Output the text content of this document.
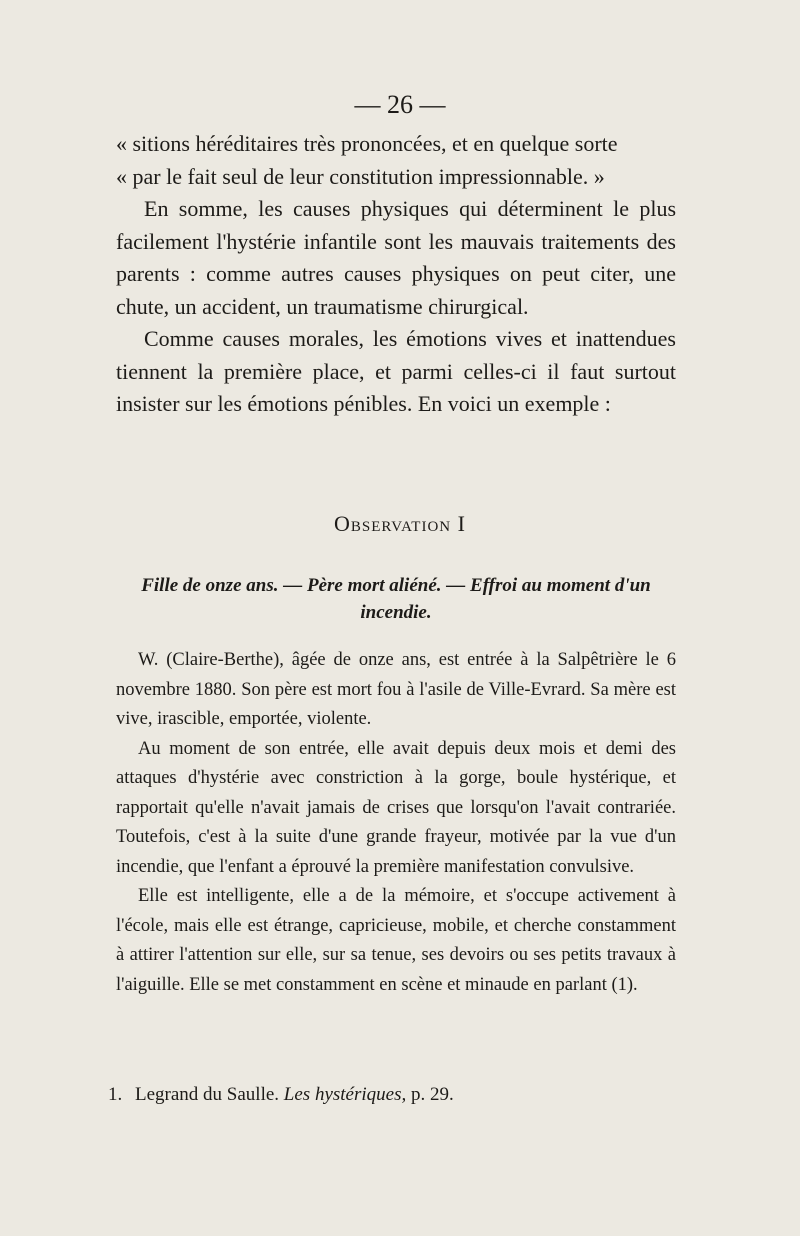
— 26 —

« sitions héréditaires très prononcées, et en quelque sorte

« par le fait seul de leur constitution impressionnable. »

En somme, les causes physiques qui déterminent le plus facilement l'hystérie infantile sont les mauvais traitements des parents : comme autres causes physiques on peut citer, une chute, un accident, un traumatisme chirurgical.

Comme causes morales, les émotions vives et inattendues tiennent la première place, et parmi celles-ci il faut surtout insister sur les émotions pénibles. En voici un exemple :

Observation I
Fille de onze ans. — Père mort aliéné. — Effroi au moment d'un incendie.

W. (Claire-Berthe), âgée de onze ans, est entrée à la Salpêtrière le 6 novembre 1880. Son père est mort fou à l'asile de Ville-Evrard. Sa mère est vive, irascible, emportée, violente.

Au moment de son entrée, elle avait depuis deux mois et demi des attaques d'hystérie avec constriction à la gorge, boule hystérique, et rapportait qu'elle n'avait jamais de crises que lorsqu'on l'avait contrariée. Toutefois, c'est à la suite d'une grande frayeur, motivée par la vue d'un incendie, que l'enfant a éprouvé la première manifestation convulsive.

Elle est intelligente, elle a de la mémoire, et s'occupe activement à l'école, mais elle est étrange, capricieuse, mobile, et cherche constamment à attirer l'attention sur elle, sur sa tenue, ses devoirs ou ses petits travaux à l'aiguille. Elle se met constamment en scène et minaude en parlant (1).

1. Legrand du Saulle. Les hystériques, p. 29.
